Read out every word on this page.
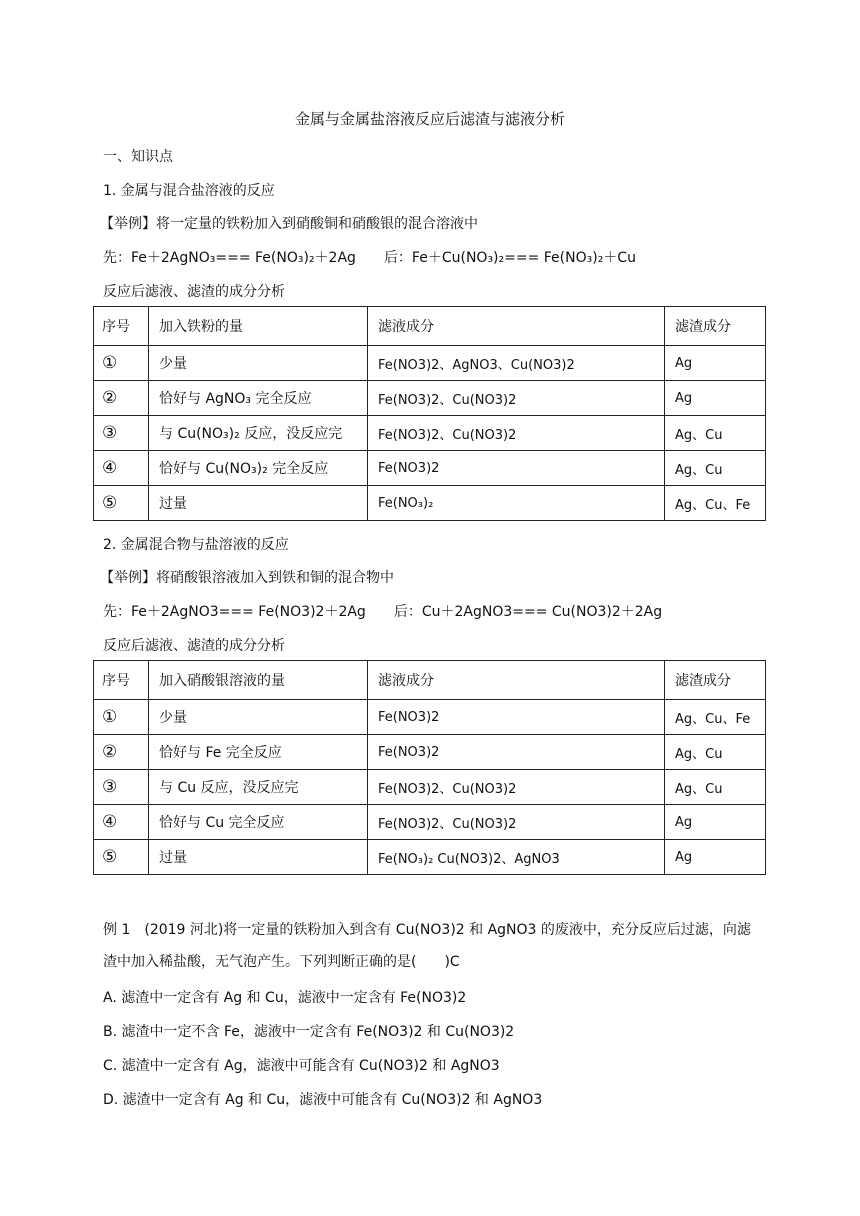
金属与金属盐溶液反应后滤渣与滤液分析
一、知识点
1. 金属与混合盐溶液的反应
【举例】将一定量的铁粉加入到硝酸铜和硝酸银的混合溶液中
先：Fe＋2AgNO₃=== Fe(NO₃)₂＋2Ag 后：Fe＋Cu(NO₃)₂=== Fe(NO₃)₂＋Cu
反应后滤液、滤渣的成分分析
序号	加入铁粉的量	滤液成分	滤渣成分
①	少量	Fe(NO3)2、AgNO3、Cu(NO3)2	Ag
②	恰好与 AgNO₃ 完全反应	Fe(NO3)2、Cu(NO3)2	Ag
③	与 Cu(NO₃)₂ 反应，没反应完	Fe(NO3)2、Cu(NO3)2	Ag、Cu
④	恰好与 Cu(NO₃)₂ 完全反应	Fe(NO3)2	Ag、Cu
⑤	过量	Fe(NO₃)₂	Ag、Cu、Fe
2. 金属混合物与盐溶液的反应
【举例】将硝酸银溶液加入到铁和铜的混合物中
先：Fe＋2AgNO3=== Fe(NO3)2＋2Ag 后：Cu＋2AgNO3=== Cu(NO3)2＋2Ag
反应后滤液、滤渣的成分分析
序号	加入硝酸银溶液的量	滤液成分	滤渣成分
①	少量	Fe(NO3)2	Ag、Cu、Fe
②	恰好与 Fe 完全反应	Fe(NO3)2	Ag、Cu
③	与 Cu 反应，没反应完	Fe(NO3)2、Cu(NO3)2	Ag、Cu
④	恰好与 Cu 完全反应	Fe(NO3)2、Cu(NO3)2	Ag
⑤	过量	Fe(NO₃)₂ Cu(NO3)2、AgNO3	Ag
例 1　(2019 河北)将一定量的铁粉加入到含有 Cu(NO3)2 和 AgNO3 的废液中，充分反应后过滤，向滤
渣中加入稀盐酸，无气泡产生。下列判断正确的是(　　)C
A. 滤渣中一定含有 Ag 和 Cu，滤液中一定含有 Fe(NO3)2
B. 滤渣中一定不含 Fe，滤液中一定含有 Fe(NO3)2 和 Cu(NO3)2
C. 滤渣中一定含有 Ag，滤液中可能含有 Cu(NO3)2 和 AgNO3
D. 滤渣中一定含有 Ag 和 Cu，滤液中可能含有 Cu(NO3)2 和 AgNO3
